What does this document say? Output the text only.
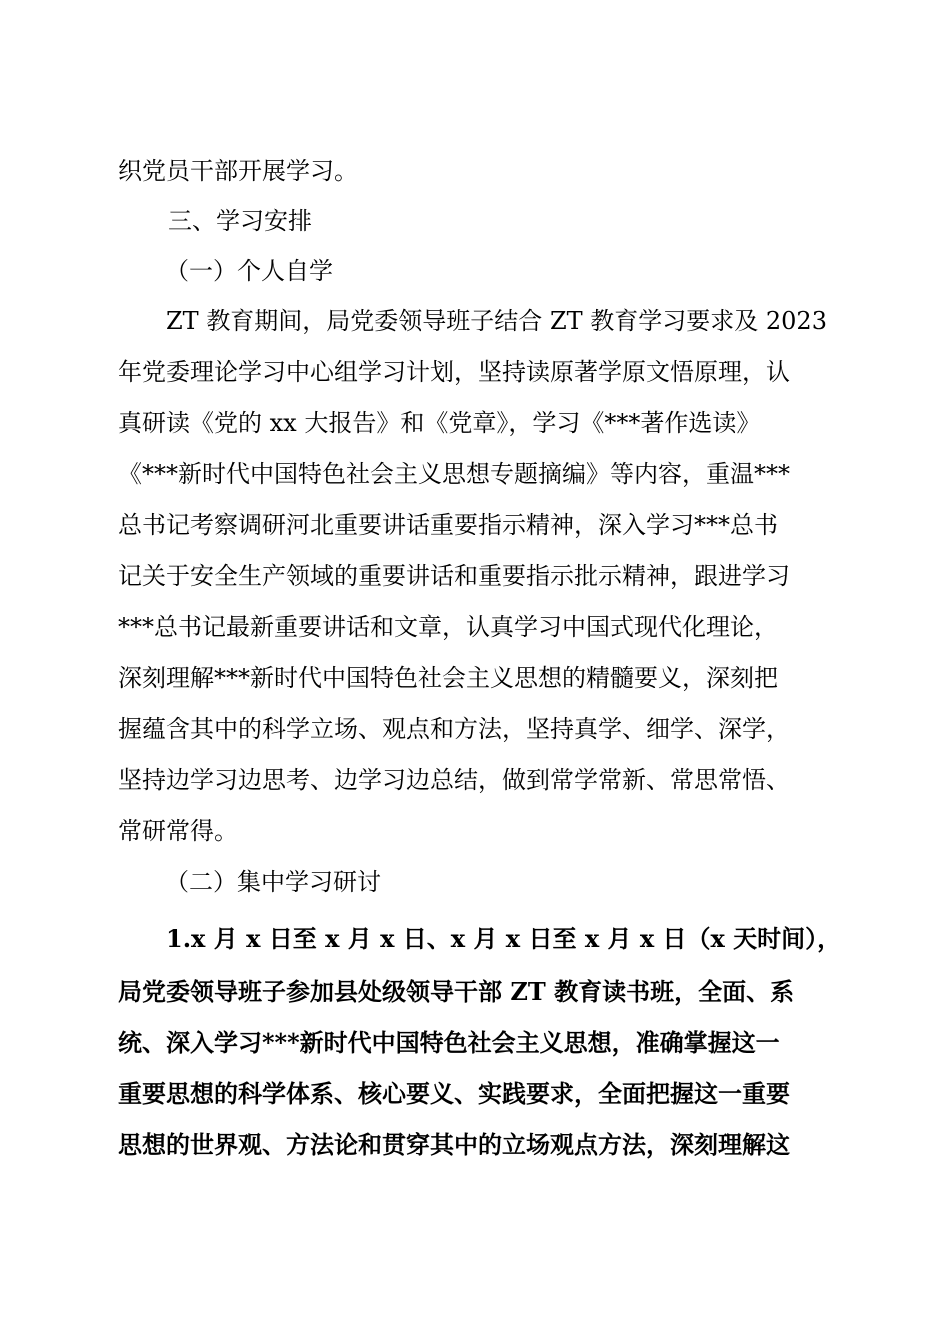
织党员干部开展学习。
三、学习安排
（一）个人自学
ZT 教育期间，局党委领导班子结合 ZT 教育学习要求及 2023
年党委理论学习中心组学习计划，坚持读原著学原文悟原理，认
真研读《党的 xx 大报告》和《党章》，学习《***著作选读》
《***新时代中国特色社会主义思想专题摘编》等内容，重温***
总书记考察调研河北重要讲话重要指示精神，深入学习***总书
记关于安全生产领域的重要讲话和重要指示批示精神，跟进学习
***总书记最新重要讲话和文章，认真学习中国式现代化理论，
深刻理解***新时代中国特色社会主义思想的精髓要义，深刻把
握蕴含其中的科学立场、观点和方法，坚持真学、细学、深学，
坚持边学习边思考、边学习边总结，做到常学常新、常思常悟、
常研常得。
（二）集中学习研讨
1.x 月 x 日至 x 月 x 日、x 月 x 日至 x 月 x 日（x 天时间），
局党委领导班子参加县处级领导干部 ZT 教育读书班，全面、系
统、深入学习***新时代中国特色社会主义思想，准确掌握这一
重要思想的科学体系、核心要义、实践要求，全面把握这一重要
思想的世界观、方法论和贯穿其中的立场观点方法，深刻理解这
